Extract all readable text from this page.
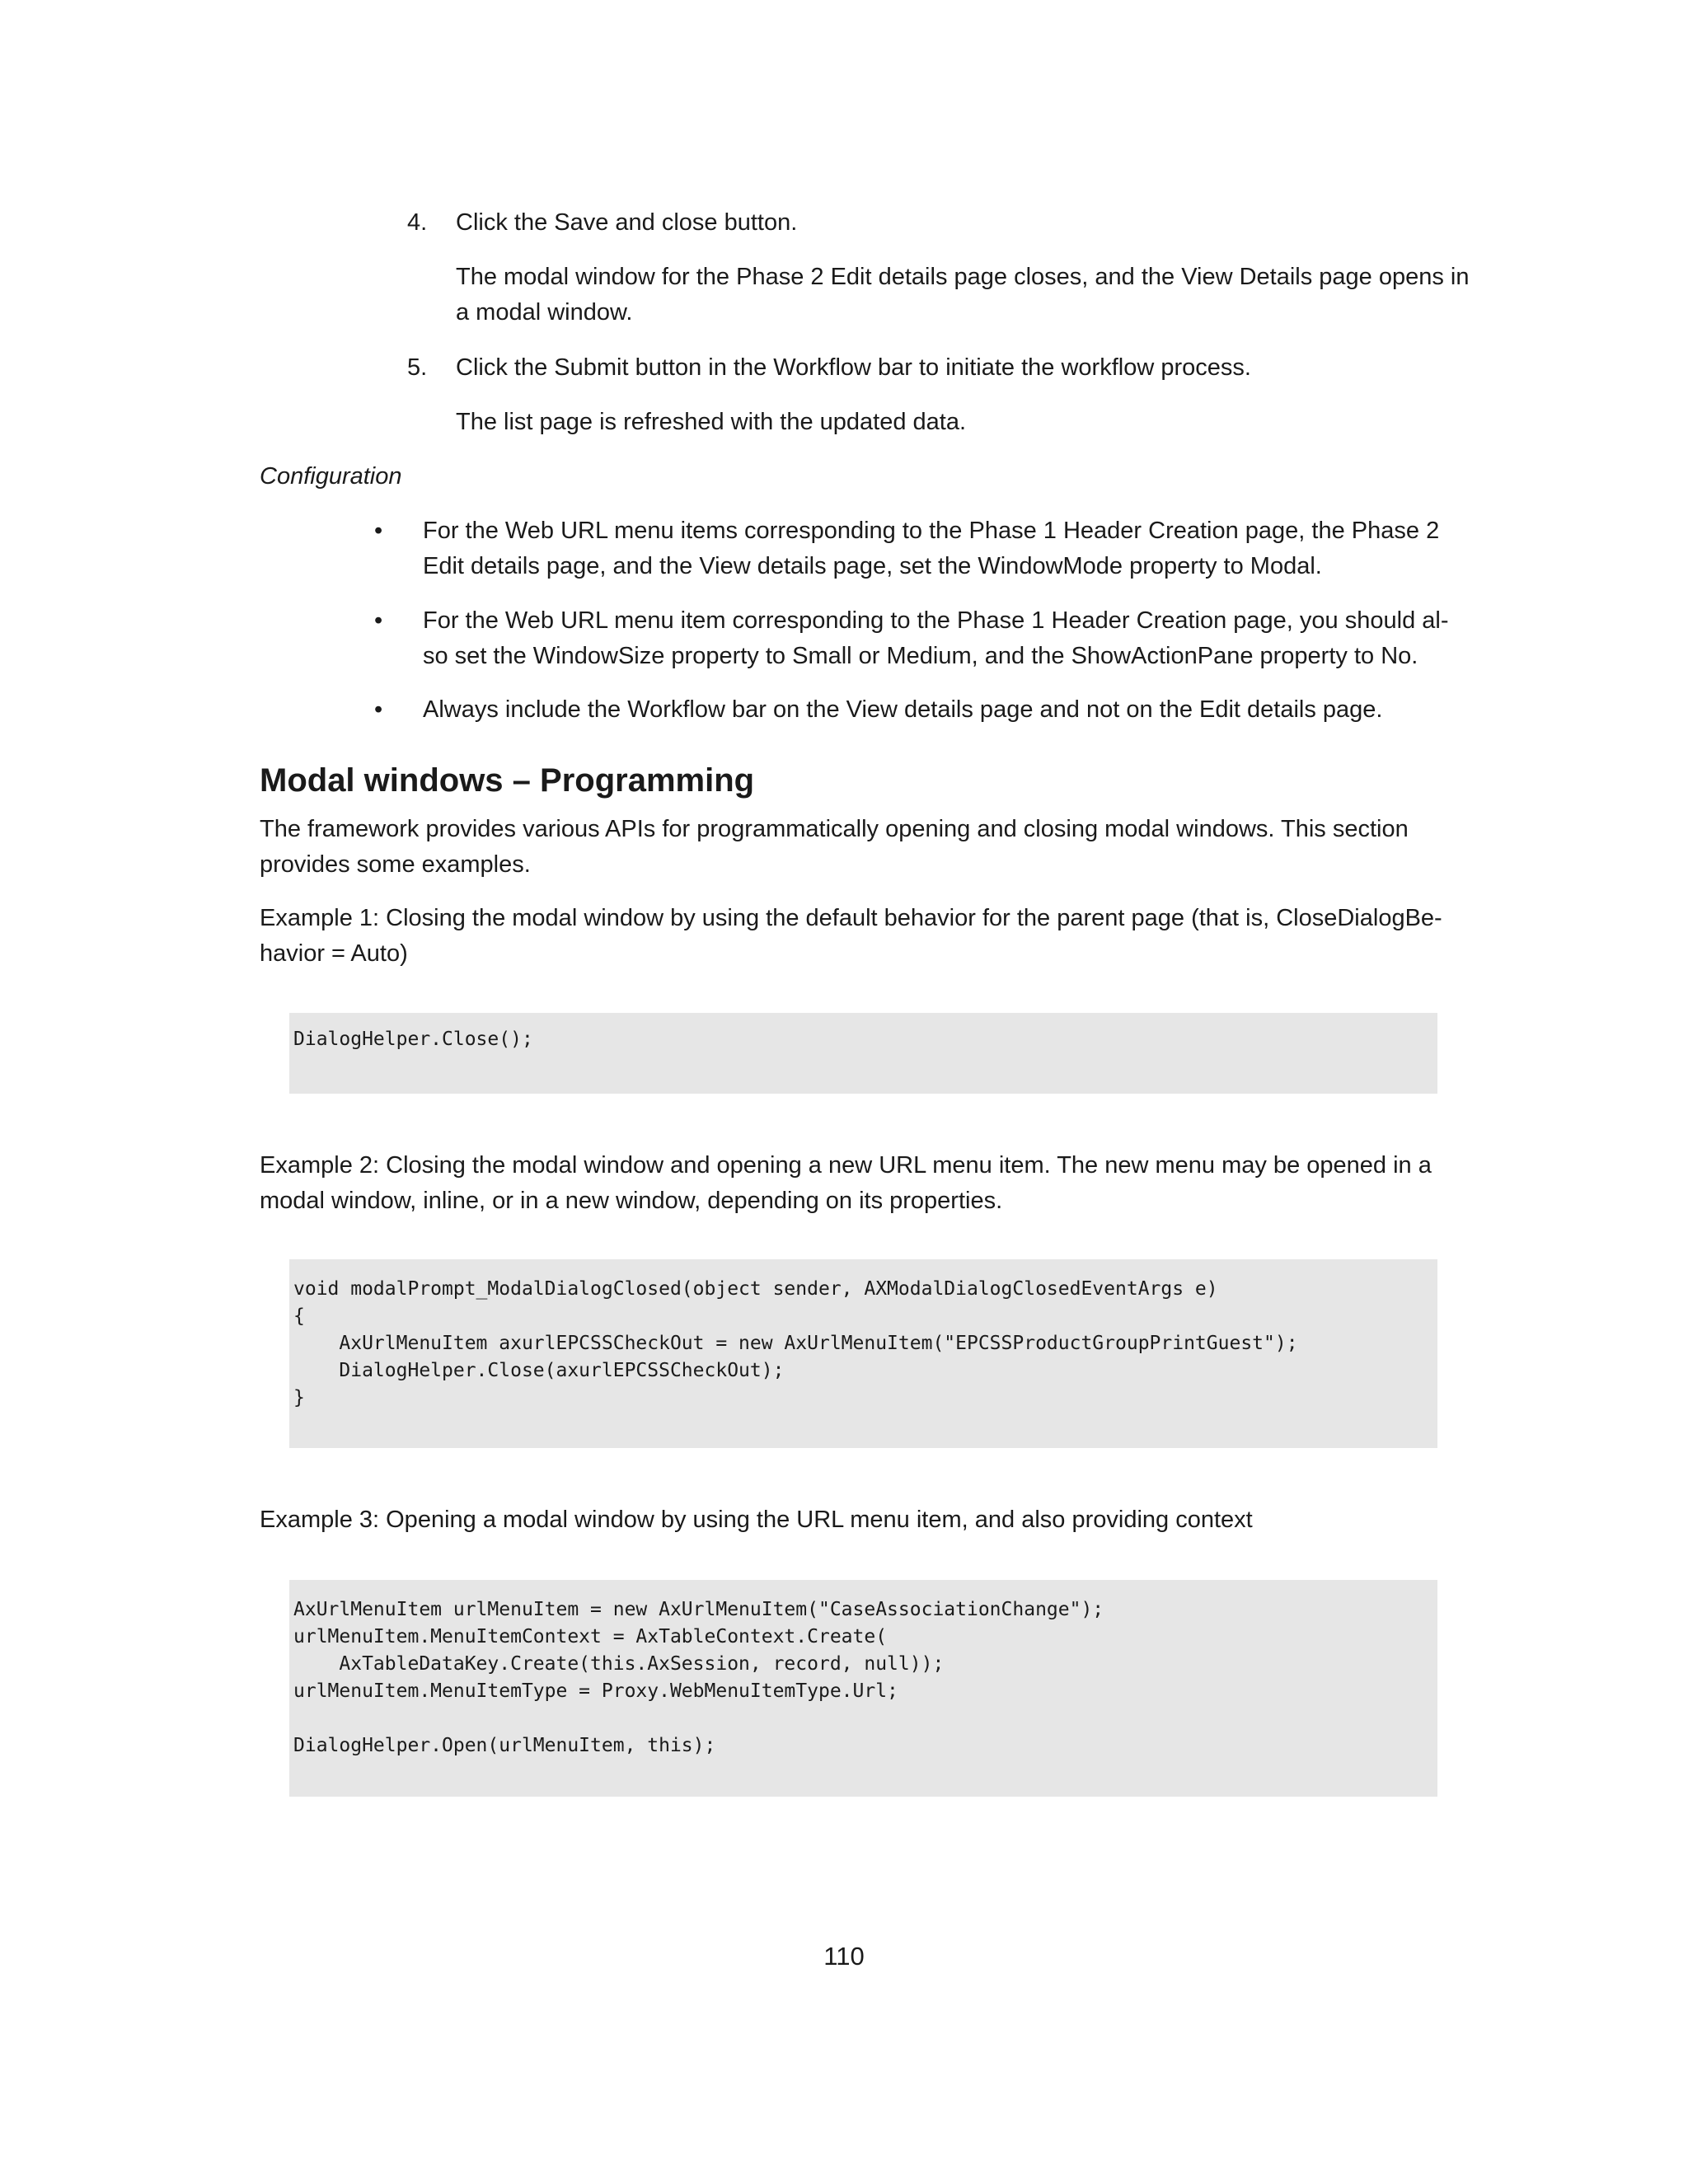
4. Click the Save and close button.

The modal window for the Phase 2 Edit details page closes, and the View Details page opens in a modal window.

5. Click the Submit button in the Workflow bar to initiate the workflow process.

The list page is refreshed with the updated data.

Configuration

• For the Web URL menu items corresponding to the Phase 1 Header Creation page, the Phase 2 Edit details page, and the View details page, set the WindowMode property to Modal.

• For the Web URL menu item corresponding to the Phase 1 Header Creation page, you should al-so set the WindowSize property to Small or Medium, and the ShowActionPane property to No.

• Always include the Workflow bar on the View details page and not on the Edit details page.

Modal windows – Programming

The framework provides various APIs for programmatically opening and closing modal windows. This section provides some examples.

Example 1: Closing the modal window by using the default behavior for the parent page (that is, CloseDialogBe-havior = Auto)

DialogHelper.Close();

Example 2: Closing the modal window and opening a new URL menu item. The new menu may be opened in a modal window, inline, or in a new window, depending on its properties.

void modalPrompt_ModalDialogClosed(object sender, AXModalDialogClosedEventArgs e)
{
AxUrlMenuItem axurlEPCSSCheckOut = new AxUrlMenuItem("EPCSSProductGroupPrintGuest");
DialogHelper.Close(axurlEPCSSCheckOut);
}

Example 3: Opening a modal window by using the URL menu item, and also providing context

AxUrlMenuItem urlMenuItem = new AxUrlMenuItem("CaseAssociationChange");
urlMenuItem.MenuItemContext = AxTableContext.Create(
AxTableDataKey.Create(this.AxSession, record, null));
urlMenuItem.MenuItemType = Proxy.WebMenuItemType.Url;
DialogHelper.Open(urlMenuItem, this);
110
